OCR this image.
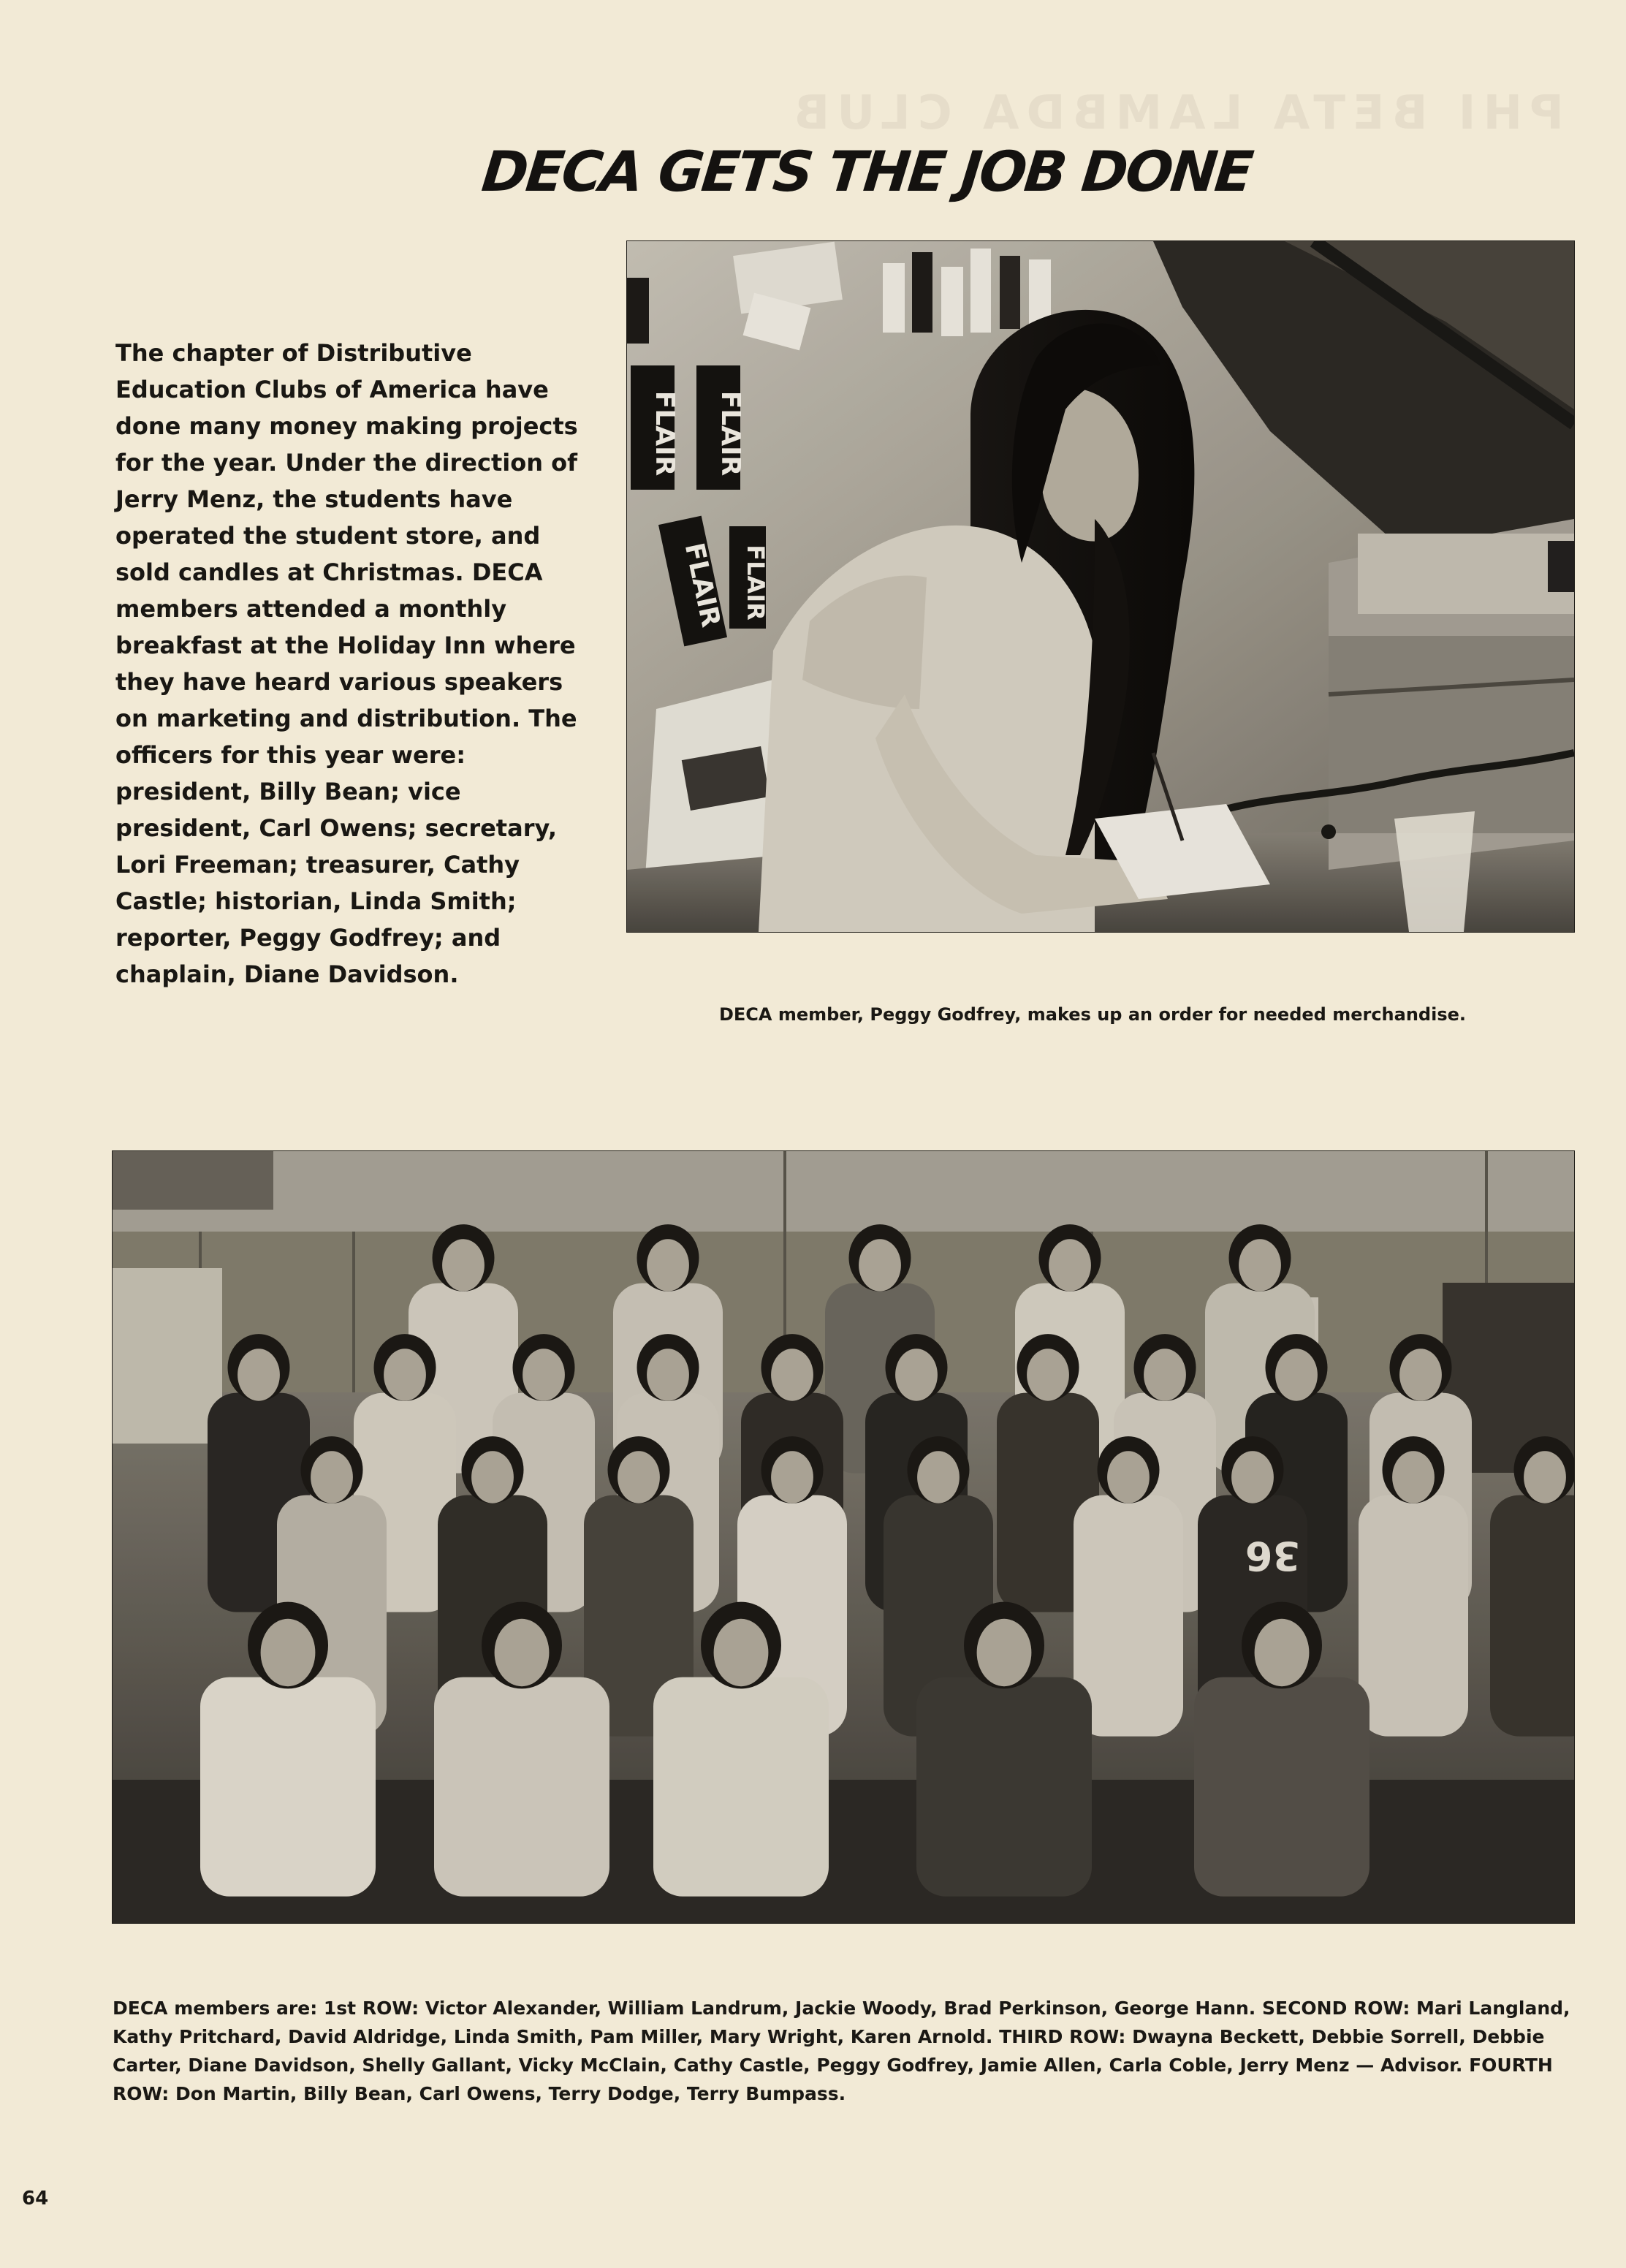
PHI BETA LAMBDA CLUB
DECA GETS THE JOB DONE
The chapter of Distributive Education Clubs of America have done many money making projects for the year. Under the direction of Jerry Menz, the students have operated the student store, and sold candles at Christmas. DECA members attended a monthly breakfast at the Holiday Inn where they have heard various speakers on marketing and distribution. The officers for this year were: president, Billy Bean; vice president, Carl Owens; secretary, Lori Freeman; treasurer, Cathy Castle; historian, Linda Smith; reporter, Peggy Godfrey; and chaplain, Diane Davidson.
FLAIR FLAIR
FLAIR FLAIR
DECA member, Peggy Godfrey, makes up an order for needed merchandise.
36
DECA members are: 1st ROW: Victor Alexander, William Landrum, Jackie Woody, Brad Perkinson, George Hann. SECOND ROW: Mari Langland, Kathy Pritchard, David Aldridge, Linda Smith, Pam Miller, Mary Wright, Karen Arnold. THIRD ROW: Dwayna Beckett, Debbie Sorrell, Debbie Carter, Diane Davidson, Shelly Gallant, Vicky McClain, Cathy Castle, Peggy Godfrey, Jamie Allen, Carla Coble, Jerry Menz — Advisor. FOURTH ROW: Don Martin, Billy Bean, Carl Owens, Terry Dodge, Terry Bumpass.
64
